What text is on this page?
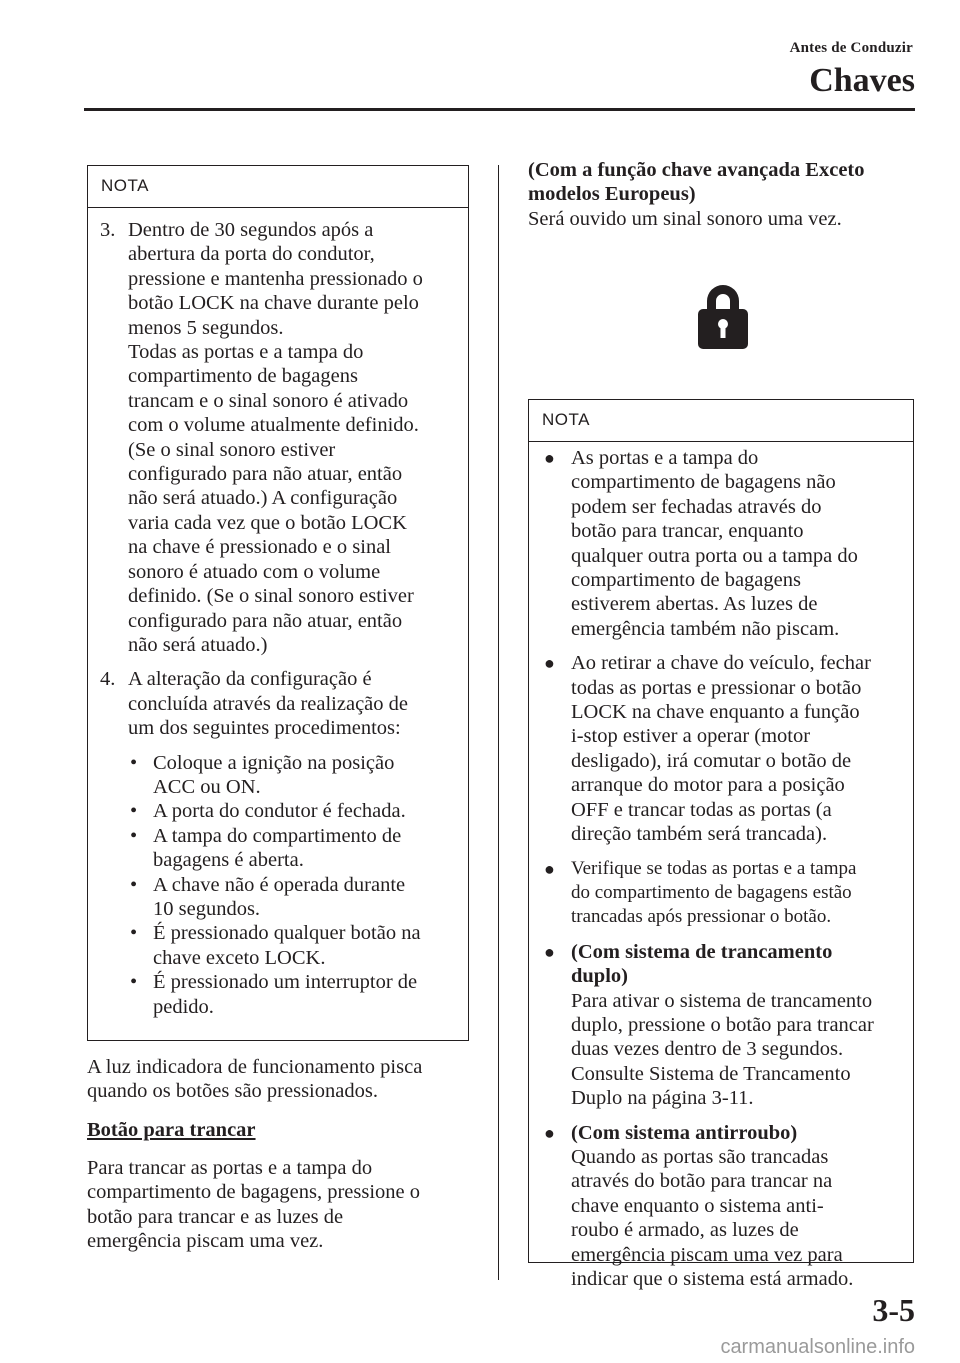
Antes de Conduzir
Chaves
NOTA
3. Dentro de 30 segundos após a
abertura da porta do condutor,
pressione e mantenha pressionado o
botão LOCK na chave durante pelo
menos 5 segundos.
Todas as portas e a tampa do
compartimento de bagagens
trancam e o sinal sonoro é ativado
com o volume atualmente definido.
(Se o sinal sonoro estiver
configurado para não atuar, então
não será atuado.) A configuração
varia cada vez que o botão LOCK
na chave é pressionado e o sinal
sonoro é atuado com o volume
definido. (Se o sinal sonoro estiver
configurado para não atuar, então
não será atuado.)
4. A alteração da configuração é
concluída através da realização de
um dos seguintes procedimentos:
• Coloque a ignição na posição
ACC ou ON.
• A porta do condutor é fechada.
• A tampa do compartimento de
bagagens é aberta.
• A chave não é operada durante
10 segundos.
• É pressionado qualquer botão na
chave exceto LOCK.
• É pressionado um interruptor de
pedido.
A luz indicadora de funcionamento pisca
quando os botões são pressionados.
Botão para trancar
Para trancar as portas e a tampa do
compartimento de bagagens, pressione o
botão para trancar e as luzes de
emergência piscam uma vez.
(Com a função chave avançada Exceto
modelos Europeus)
Será ouvido um sinal sonoro uma vez.
NOTA
● As portas e a tampa do
compartimento de bagagens não
podem ser fechadas através do
botão para trancar, enquanto
qualquer outra porta ou a tampa do
compartimento de bagagens
estiverem abertas. As luzes de
emergência também não piscam.
● Ao retirar a chave do veículo, fechar
todas as portas e pressionar o botão
LOCK na chave enquanto a função
i-stop estiver a operar (motor
desligado), irá comutar o botão de
arranque do motor para a posição
OFF e trancar todas as portas (a
direção também será trancada).
● Verifique se todas as portas e a tampa
do compartimento de bagagens estão
trancadas após pressionar o botão.
● (Com sistema de trancamento
duplo)
Para ativar o sistema de trancamento
duplo, pressione o botão para trancar
duas vezes dentro de 3 segundos.
Consulte Sistema de Trancamento
Duplo na página 3-11.
● (Com sistema antirroubo)
Quando as portas são trancadas
através do botão para trancar na
chave enquanto o sistema anti-
roubo é armado, as luzes de
emergência piscam uma vez para
indicar que o sistema está armado.
3-5
carmanualsonline.info
